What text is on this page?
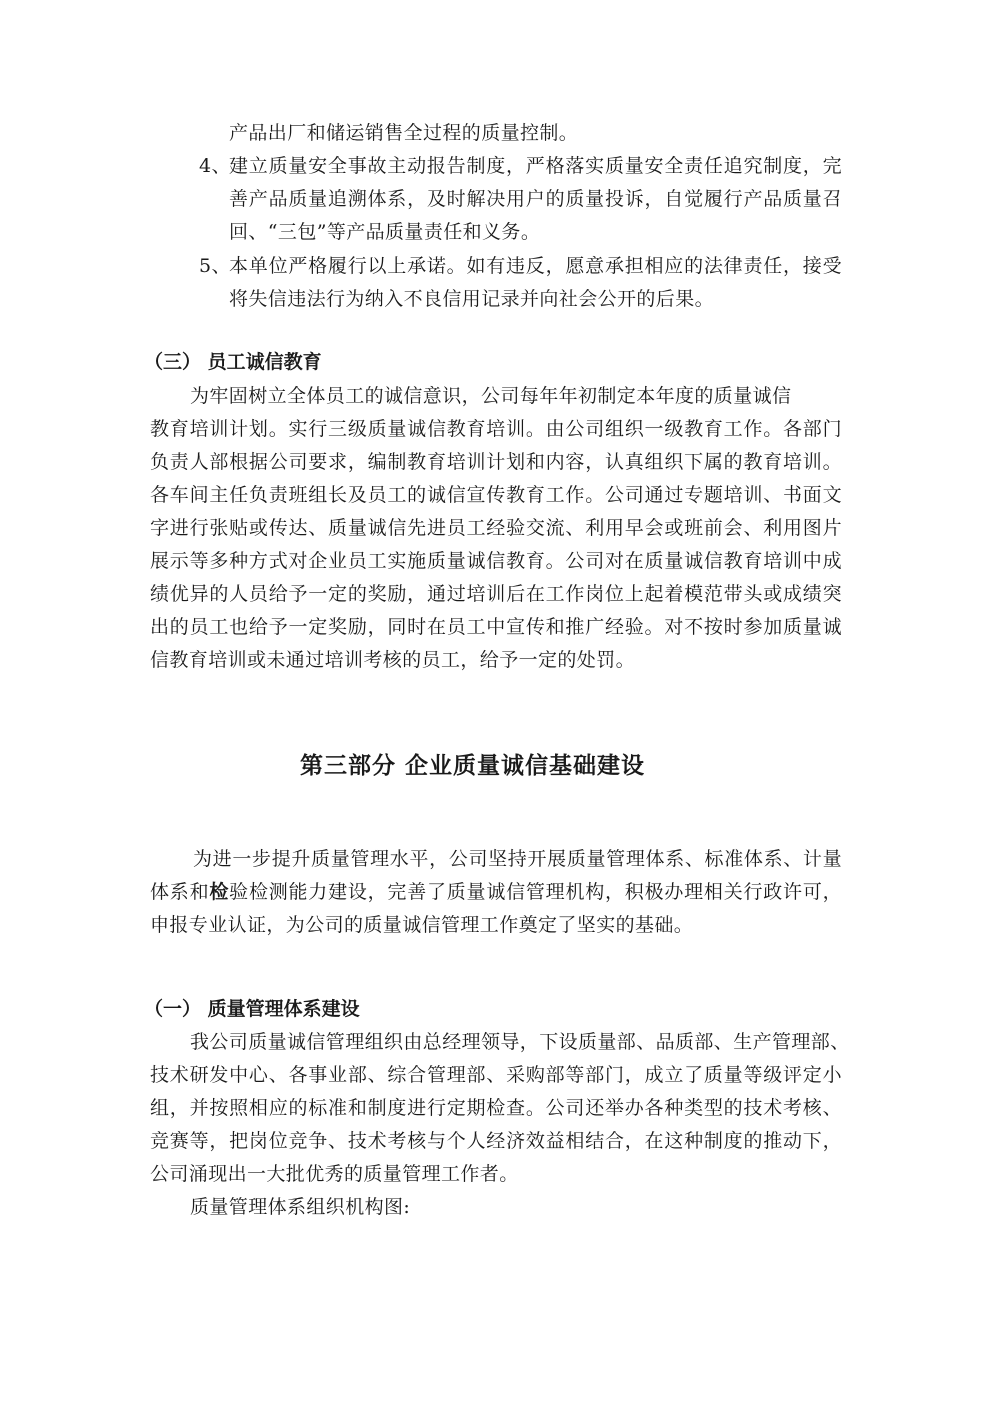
产品出厂和储运销售全过程的质量控制。
4、
建立质量安全事故主动报告制度，严格落实质量安全责任追究制度，完
善产品质量追溯体系，及时解决用户的质量投诉，自觉履行产品质量召
回、“三包”等产品质量责任和义务。
5、
本单位严格履行以上承诺。如有违反，愿意承担相应的法律责任，接受
将失信违法行为纳入不良信用记录并向社会公开的后果。
（三） 员工诚信教育
为牢固树立全体员工的诚信意识，公司每年年初制定本年度的质量诚信
教育培训计划。实行三级质量诚信教育培训。由公司组织一级教育工作。各部门
负责人部根据公司要求，编制教育培训计划和内容，认真组织下属的教育培训。
各车间主任负责班组长及员工的诚信宣传教育工作。公司通过专题培训、书面文
字进行张贴或传达、质量诚信先进员工经验交流、利用早会或班前会、利用图片
展示等多种方式对企业员工实施质量诚信教育。公司对在质量诚信教育培训中成
绩优异的人员给予一定的奖励，通过培训后在工作岗位上起着模范带头或成绩突
出的员工也给予一定奖励，同时在员工中宣传和推广经验。对不按时参加质量诚
信教育培训或未通过培训考核的员工，给予一定的处罚。
第三部分 企业质量诚信基础建设
为进一步提升质量管理水平，公司坚持开展质量管理体系、标准体系、计量
体系和检验检测能力建设，完善了质量诚信管理机构，积极办理相关行政许可，
申报专业认证，为公司的质量诚信管理工作奠定了坚实的基础。
（一） 质量管理体系建设
我公司质量诚信管理组织由总经理领导，下设质量部、品质部、生产管理部、
技术研发中心、各事业部、综合管理部、采购部等部门，成立了质量等级评定小
组，并按照相应的标准和制度进行定期检查。公司还举办各种类型的技术考核、
竞赛等，把岗位竞争、技术考核与个人经济效益相结合，在这种制度的推动下，
公司涌现出一大批优秀的质量管理工作者。
质量管理体系组织机构图:
